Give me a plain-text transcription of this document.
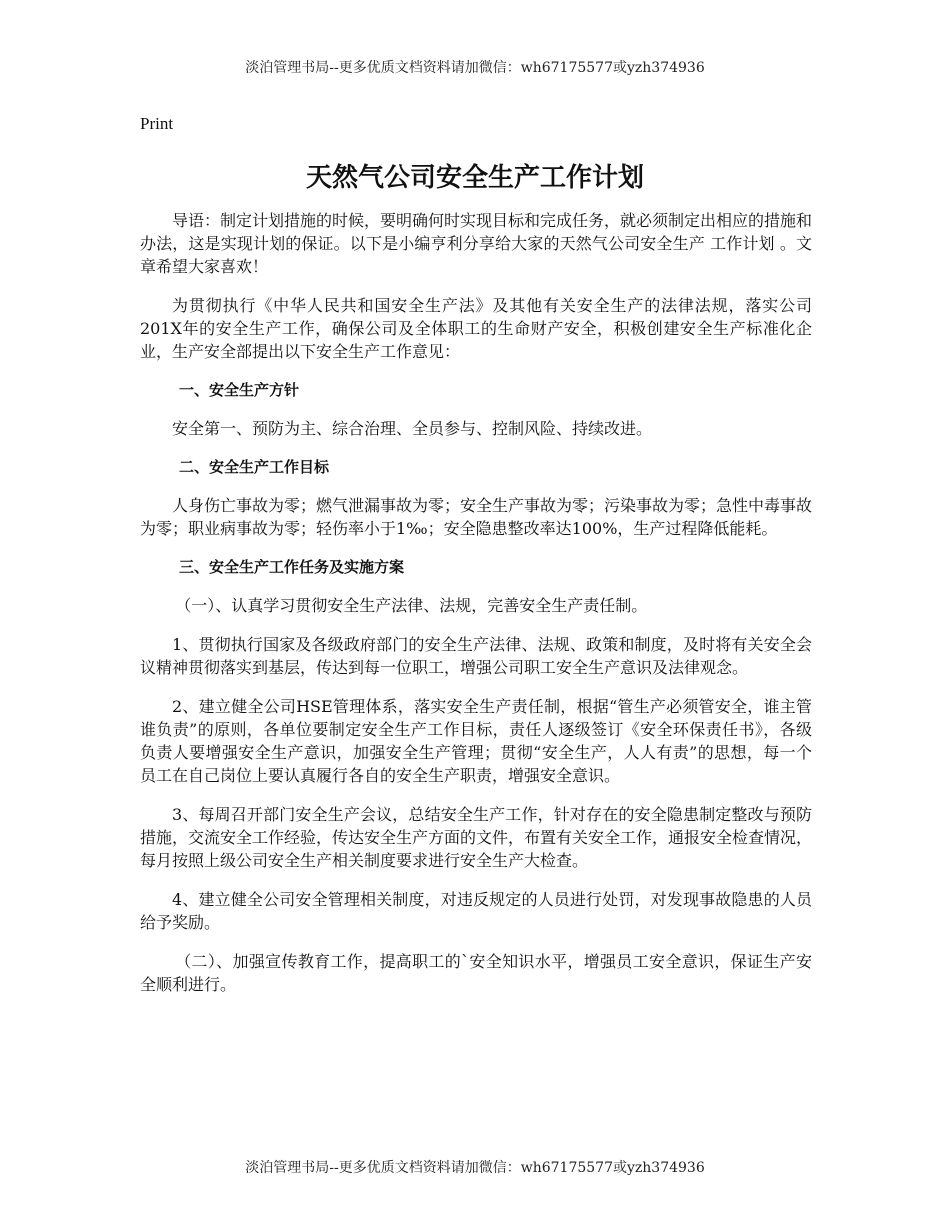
淡泊管理书局--更多优质文档资料请加微信：wh67175577或yzh374936
Print
天然气公司安全生产工作计划

导语：制定计划措施的时候，要明确何时实现目标和完成任务，就必须制定出相应的措施和办法，这是实现计划的保证。以下是小编亨利分享给大家的天然气公司安全生产 工作计划 。文章希望大家喜欢！

为贯彻执行《中华人民共和国安全生产法》及其他有关安全生产的法律法规，落实公司201X年的安全生产工作，确保公司及全体职工的生命财产安全，积极创建安全生产标准化企业，生产安全部提出以下安全生产工作意见：

一、安全生产方针

安全第一、预防为主、综合治理、全员参与、控制风险、持续改进。

二、安全生产工作目标

人身伤亡事故为零；燃气泄漏事故为零；安全生产事故为零；污染事故为零；急性中毒事故为零；职业病事故为零；轻伤率小于1‰；安全隐患整改率达100%，生产过程降低能耗。

三、安全生产工作任务及实施方案

（一）、认真学习贯彻安全生产法律、法规，完善安全生产责任制。

1、贯彻执行国家及各级政府部门的安全生产法律、法规、政策和制度，及时将有关安全会议精神贯彻落实到基层，传达到每一位职工，增强公司职工安全生产意识及法律观念。

2、建立健全公司HSE管理体系，落实安全生产责任制，根据“管生产必须管安全，谁主管谁负责”的原则，各单位要制定安全生产工作目标，责任人逐级签订《安全环保责任书》，各级负责人要增强安全生产意识，加强安全生产管理；贯彻“安全生产，人人有责”的思想，每一个员工在自己岗位上要认真履行各自的安全生产职责，增强安全意识。

3、每周召开部门安全生产会议，总结安全生产工作，针对存在的安全隐患制定整改与预防措施，交流安全工作经验，传达安全生产方面的文件，布置有关安全工作，通报安全检查情况，每月按照上级公司安全生产相关制度要求进行安全生产大检查。

4、建立健全公司安全管理相关制度，对违反规定的人员进行处罚，对发现事故隐患的人员给予奖励。

（二）、加强宣传教育工作，提高职工的`安全知识水平，增强员工安全意识，保证生产安全顺利进行。

淡泊管理书局--更多优质文档资料请加微信：wh67175577或yzh374936
